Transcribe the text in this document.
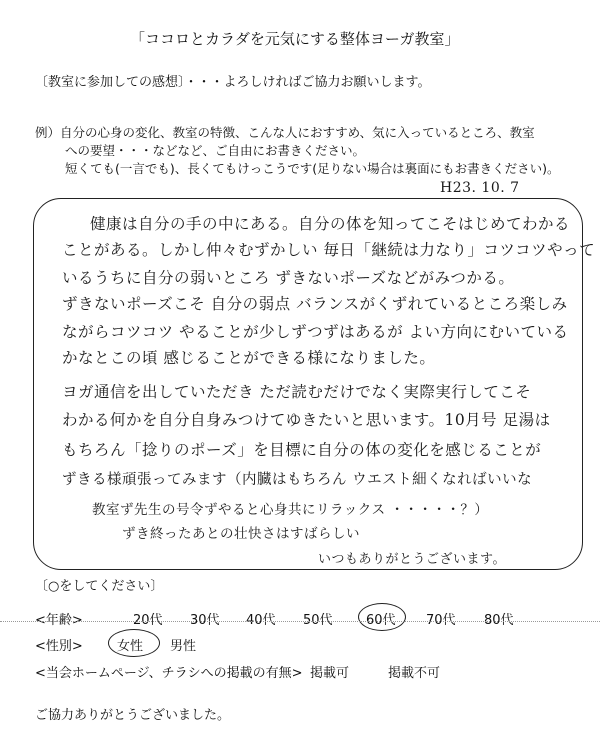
「ココロとカラダを元気にする整体ヨーガ教室」
〔教室に参加しての感想〕・・・よろしければご協力お願いします。
例）自分の心身の変化、教室の特徴、こんな人におすすめ、気に入っているところ、教室
への要望・・・などなど、ご自由にお書きください。
短くても(一言でも)、長くてもけっこうです(足りない場合は裏面にもお書きください)。
H23. 10. 7
健康は自分の手の中にある。自分の体を知ってこそはじめてわかる
ことがある。しかし仲々むずかしい 毎日「継続は力なり」コツコツやって
いるうちに自分の弱いところ ずきないポーズなどがみつかる。
ずきないポーズこそ 自分の弱点 バランスがくずれているところ楽しみ
ながらコツコツ やることが少しずつずはあるが よい方向にむいている
かなとこの頃 感じることができる様になりました。
ヨガ通信を出していただき ただ読むだけでなく実際実行してこそ
わかる何かを自分自身みつけてゆきたいと思います。10月号 足湯は
もちろん「捻りのポーズ」を目標に自分の体の変化を感じることが
ずきる様頑張ってみます（内臓はもちろん ウエスト細くなればいいな
教室ず先生の号令ずやると心身共にリラックス ・・・・・？）
ずき終ったあとの壮快さはすばらしい
いつもありがとうございます。
〔○をしてください〕
<年齢>	20代 30代 40代 50代	60代 70代 80代
<性別>	女性 男性
<当会ホームページ、チラシへの掲載の有無> 掲載可	掲載不可
ご協力ありがとうございました。
